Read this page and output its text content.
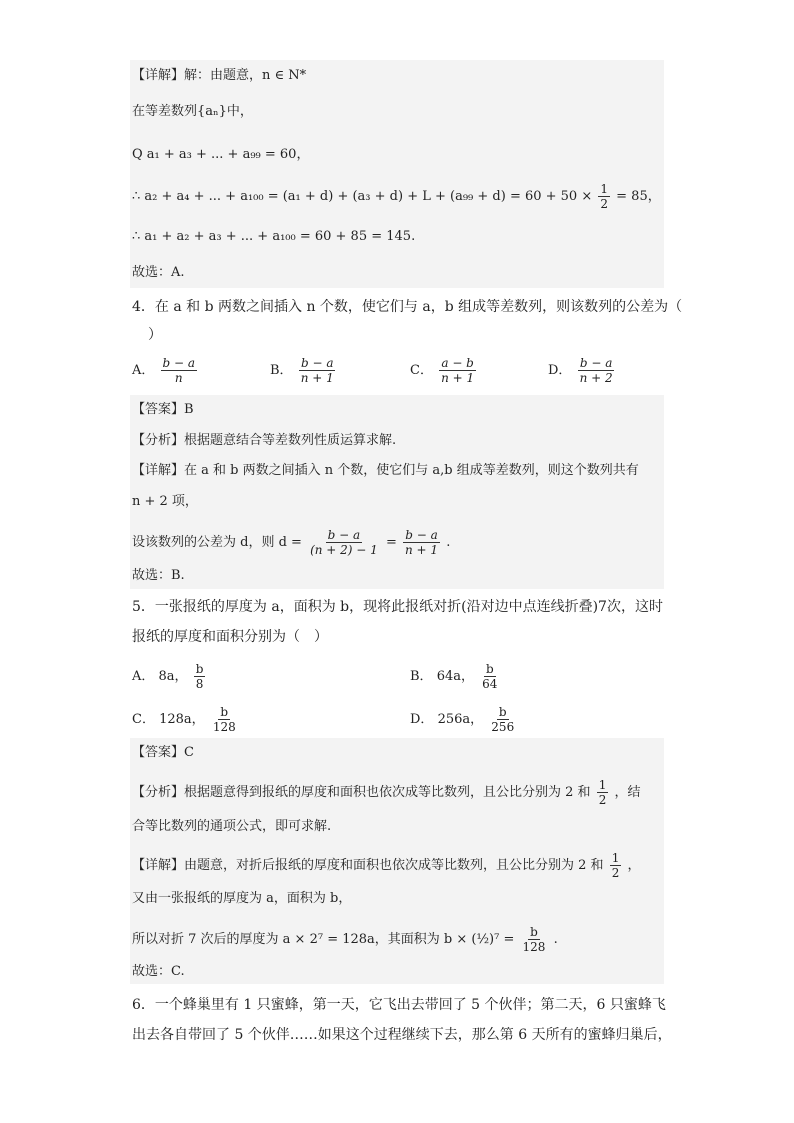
【详解】解：由题意，n ∈ N*
在等差数列{aₙ}中，
Q a₁ + a₃ + ... + a₉₉ = 60，
∴ a₂ + a₄ + ... + $a_{100} = (a_1 + d) + (a_3 + d) + L + (a_{99} + d) = 60 + 50 \times \frac{1}{2} = 85$，
∴ a₁ + a₂ + a₃ + ... + a₁₀₀ = 60 + 85 = 145.
故选：A.
4．在 a 和 b 两数之间插入 n 个数，使它们与 a，b 组成等差数列，则该数列的公差为（
）
A． $\frac{b - a}{n}$	B． $\frac{b - a}{n + 1}$	C． $\frac{a - b}{n + 1}$	D． $\frac{b - a}{n + 2}$
【答案】B
【分析】根据题意结合等差数列性质运算求解.
【详解】在 a 和 b 两数之间插入 n 个数，使它们与 a,b 组成等差数列，则这个数列共有
n + 2 项，
设该数列的公差为 d，则 $d = \frac{b - a}{(n + 2) - 1} = \frac{b - a}{n + 1}$ .
故选：B.
5．一张报纸的厚度为 a，面积为 b，现将此报纸对折(沿对边中点连线折叠)7次，这时
报纸的厚度和面积分别为（　）
A． 8a， $\frac{b}{8}$	B． 64a， $\frac{b}{64}$
C． 128a， $\frac{b}{128}$	D． 256a， $\frac{b}{256}$
【答案】C
【分析】根据题意得到报纸的厚度和面积也依次成等比数列，且公比分别为 2 和 $\frac{1}{2}$ ，结
合等比数列的通项公式，即可求解.
【详解】由题意，对折后报纸的厚度和面积也依次成等比数列，且公比分别为 2 和 $\frac{1}{2}$ ，
又由一张报纸的厚度为 a，面积为 b，
所以对折 7 次后的厚度为 a × 2⁷ = 128a，其面积为 b × (½)⁷ = $\frac{b}{128}$ .
故选：C.
6．一个蜂巢里有 1 只蜜蜂，第一天，它飞出去带回了 5 个伙伴；第二天，6 只蜜蜂飞
出去各自带回了 5 个伙伴……如果这个过程继续下去，那么第 6 天所有的蜜蜂归巢后，
